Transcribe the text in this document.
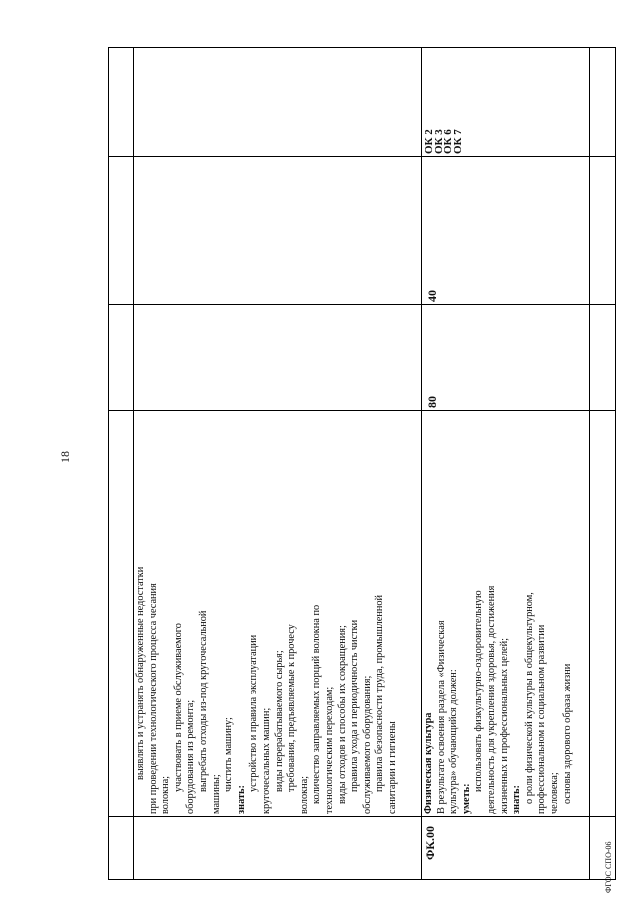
18
ФГОС СПО-06
выявлять и устранять обнаруженные недостатки при проведении технологического процесса чесания волокна;
участвовать в приеме обслуживаемого оборудования из ремонта; выгребать отходы из-под кругочесальной
машины;
чистить машину;
знать:
устройство и правила эксплуатации кругочесальных машин; виды перерабатываемого сырья; требования, предъявляемые к прочесу
волокна; количество заправляемых порций волокна по технологическим переходам; виды отходов и способы их сокращения; правила ухода и периодичность чистки обслуживаемого оборудования; правила безопасности труда, промышленной санитарии и гигиены
ФК.00
Физическая культура В результате освоения раздела «Физическая культура» обучающийся должен: уметь:
использовать физкультурно-оздоровительную деятельность для укрепления здоровья, достижения жизненных и профессиональных целей; знать: о роли физической культуры в общекультурном, профессиональном и социальном развитии человека; основы здорового образа жизни
80
40
ОК 2
ОК 3
ОК 6
ОК 7
